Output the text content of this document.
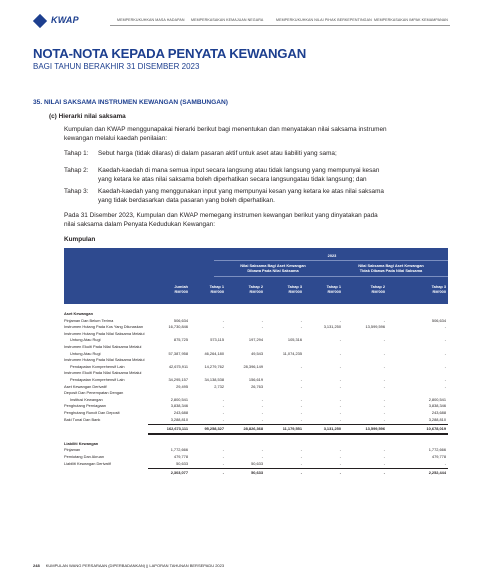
KWAP	MEMPERKUKUHKAN MASA HADAPAN MEMPERKASAKAN KEMAJUAN NEGARA	MEMPERKUKUHKAN NILAI PIHAK BERKEPENTINGAN MEMPERKASAKAN IMPAK KEMAMPANAN
NOTA-NOTA KEPADA PENYATA KEWANGAN
BAGI TAHUN BERAKHIR 31 DISEMBER 2023
35. NILAI SAKSAMA INSTRUMEN KEWANGAN (SAMBUNGAN)
(c) Hierarki nilai saksama
Kumpulan dan KWAP menggunapakai hierarki berikut bagi menentukan dan menyatakan nilai saksama instrumen
kewangan melalui kaedah penilaian:
Tahap 1: Sebut harga (tidak dilaras) di dalam pasaran aktif untuk aset atau liabiliti yang sama;
Tahap 2: Kaedah-kaedah di mana semua input secara langsung atau tidak langsung yang mempunyai kesan
yang ketara ke atas nilai saksama boleh diperhatikan secara langsungatau tidak langsung; dan
Tahap 3: Kaedah-kaedah yang menggunakan input yang mempunyai kesan yang ketara ke atas nilai saksama
yang tidak berdasarkan data pasaran yang boleh diperhatikan.
Pada 31 Disember 2023, Kumpulan dan KWAP memegang instrumen kewangan berikut yang dinyatakan pada
nilai saksama dalam Penyata Kedudukan Kewangan:
Kumpulan
2023
Nilai Saksama Bagi Aset Kewangan
Dibawa Pada Nilai Saksama
Nilai Saksama Bagi Aset Kewangan
Tidak Dibawa Pada Nilai Saksama
Jumlah
RM'000
Tahap 1
RM'000
Tahap 2
RM'000
Tahap 3
RM'000
Tahap 1
RM'000
Tahap 2
RM'000
Tahap 3
RM'000
Aset Kewangan
Pinjaman Dan Belum Terima	506,634	-	-	-	-	-	506,634
Instrumen Hutang Pada Kos Yang Dilunaskan	16,730,846	-	-	-	3,131,250	13,599,596	-
Instrumen Hutang Pada Nilai Saksama Melalui
Untung Atau Rugi	875,725	573,115	197,294	105,316	-	-	-
Instrumen Ekuiti Pada Nilai Saksama Melalui
Untung Atau Rugi	57,387,958	46,264,180	49,543	11,074,235	-	-	-
Instrumen Hutang Pada Nilai Saksama Melalui
Pendapatan Komprehensif Lain	42,675,911	14,279,762	28,396,149	-	-	-	-
Instrumen Ekuiti Pada Nilai Saksama Melalui
Pendapatan Komprehensif Lain	34,295,157	34,138,538	156,619	-	-	-	-
Aset Kewangan Derivatif	29,495	2,732	26,763	-	-	-	-
Deposit Dan Penempatan Dengan
Institusi Kewangan	2,800,541	-	-	-	-	-	2,800,541
Penghutang Perniagaan	3,838,346	-	-	-	-	-	3,838,346
Penghutang Runcit Dan Deposit	243,688	-	-	-	-	-	243,688
Baki Tunai Dan Bank	3,288,810	-	-	-	-	-	3,288,810
162,673,111	95,258,327	28,826,368	11,179,551	3,131,250	13,599,596	10,678,019
Liabiliti Kewangan
Pinjaman	1,772,666	-	-	-	-	-	1,772,666
Pemiutang Dan Akruan	479,778	-	-	-	-	-	479,778
Liabiliti Kewangan Derivatif	50,633	-	50,633	-	-	-	-
2,303,077	-	50,633	-	-	-	2,252,444
248 KUMPULAN WANG PERSARAAN (DIPERBADANKAN) || LAPORAN TAHUNAN BERSEPADU 2023
